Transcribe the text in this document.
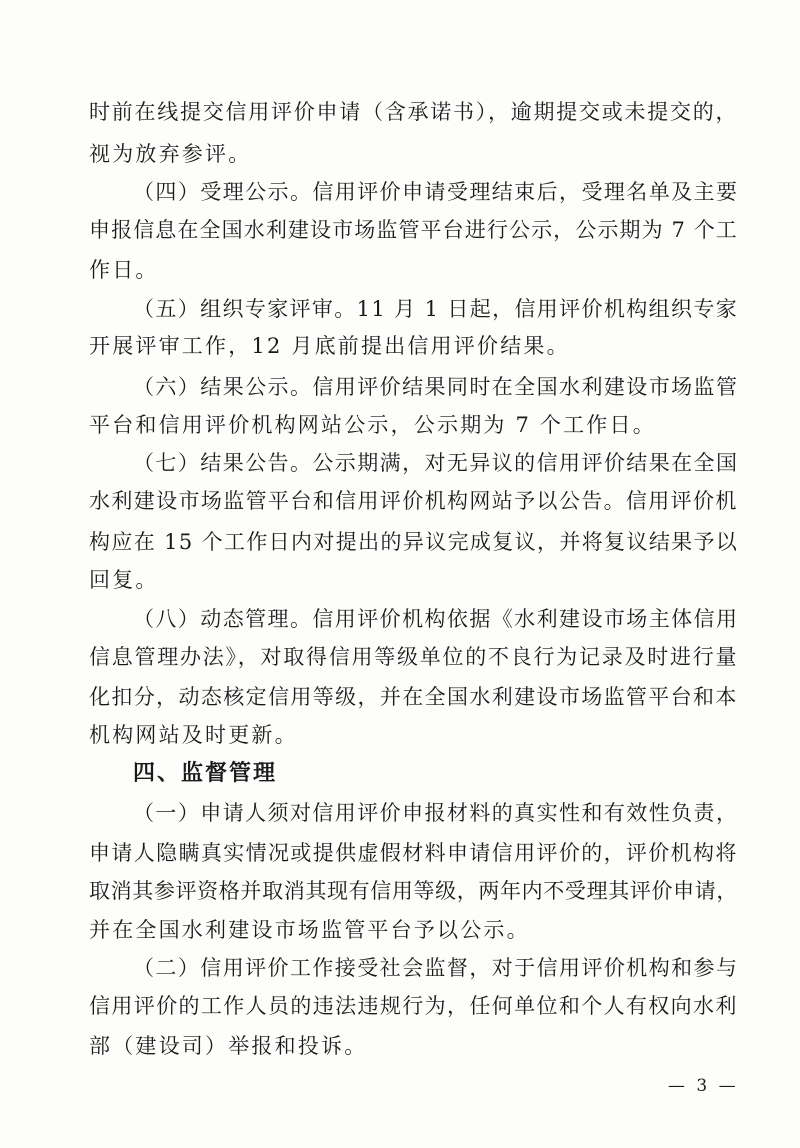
时前在线提交信用评价申请（含承诺书），逾期提交或未提交的，
视为放弃参评。
（四）受理公示。信用评价申请受理结束后，受理名单及主要
申报信息在全国水利建设市场监管平台进行公示，公示期为 7 个工
作日。
（五）组织专家评审。11 月 1 日起，信用评价机构组织专家
开展评审工作，12 月底前提出信用评价结果。
（六）结果公示。信用评价结果同时在全国水利建设市场监管
平台和信用评价机构网站公示，公示期为 7 个工作日。
（七）结果公告。公示期满，对无异议的信用评价结果在全国
水利建设市场监管平台和信用评价机构网站予以公告。信用评价机
构应在 15 个工作日内对提出的异议完成复议，并将复议结果予以
回复。
（八）动态管理。信用评价机构依据《水利建设市场主体信用
信息管理办法》，对取得信用等级单位的不良行为记录及时进行量
化扣分，动态核定信用等级，并在全国水利建设市场监管平台和本
机构网站及时更新。
四、监督管理
（一）申请人须对信用评价申报材料的真实性和有效性负责，
申请人隐瞒真实情况或提供虚假材料申请信用评价的，评价机构将
取消其参评资格并取消其现有信用等级，两年内不受理其评价申请，
并在全国水利建设市场监管平台予以公示。
（二）信用评价工作接受社会监督，对于信用评价机构和参与
信用评价的工作人员的违法违规行为，任何单位和个人有权向水利
部（建设司）举报和投诉。
— 3 —
